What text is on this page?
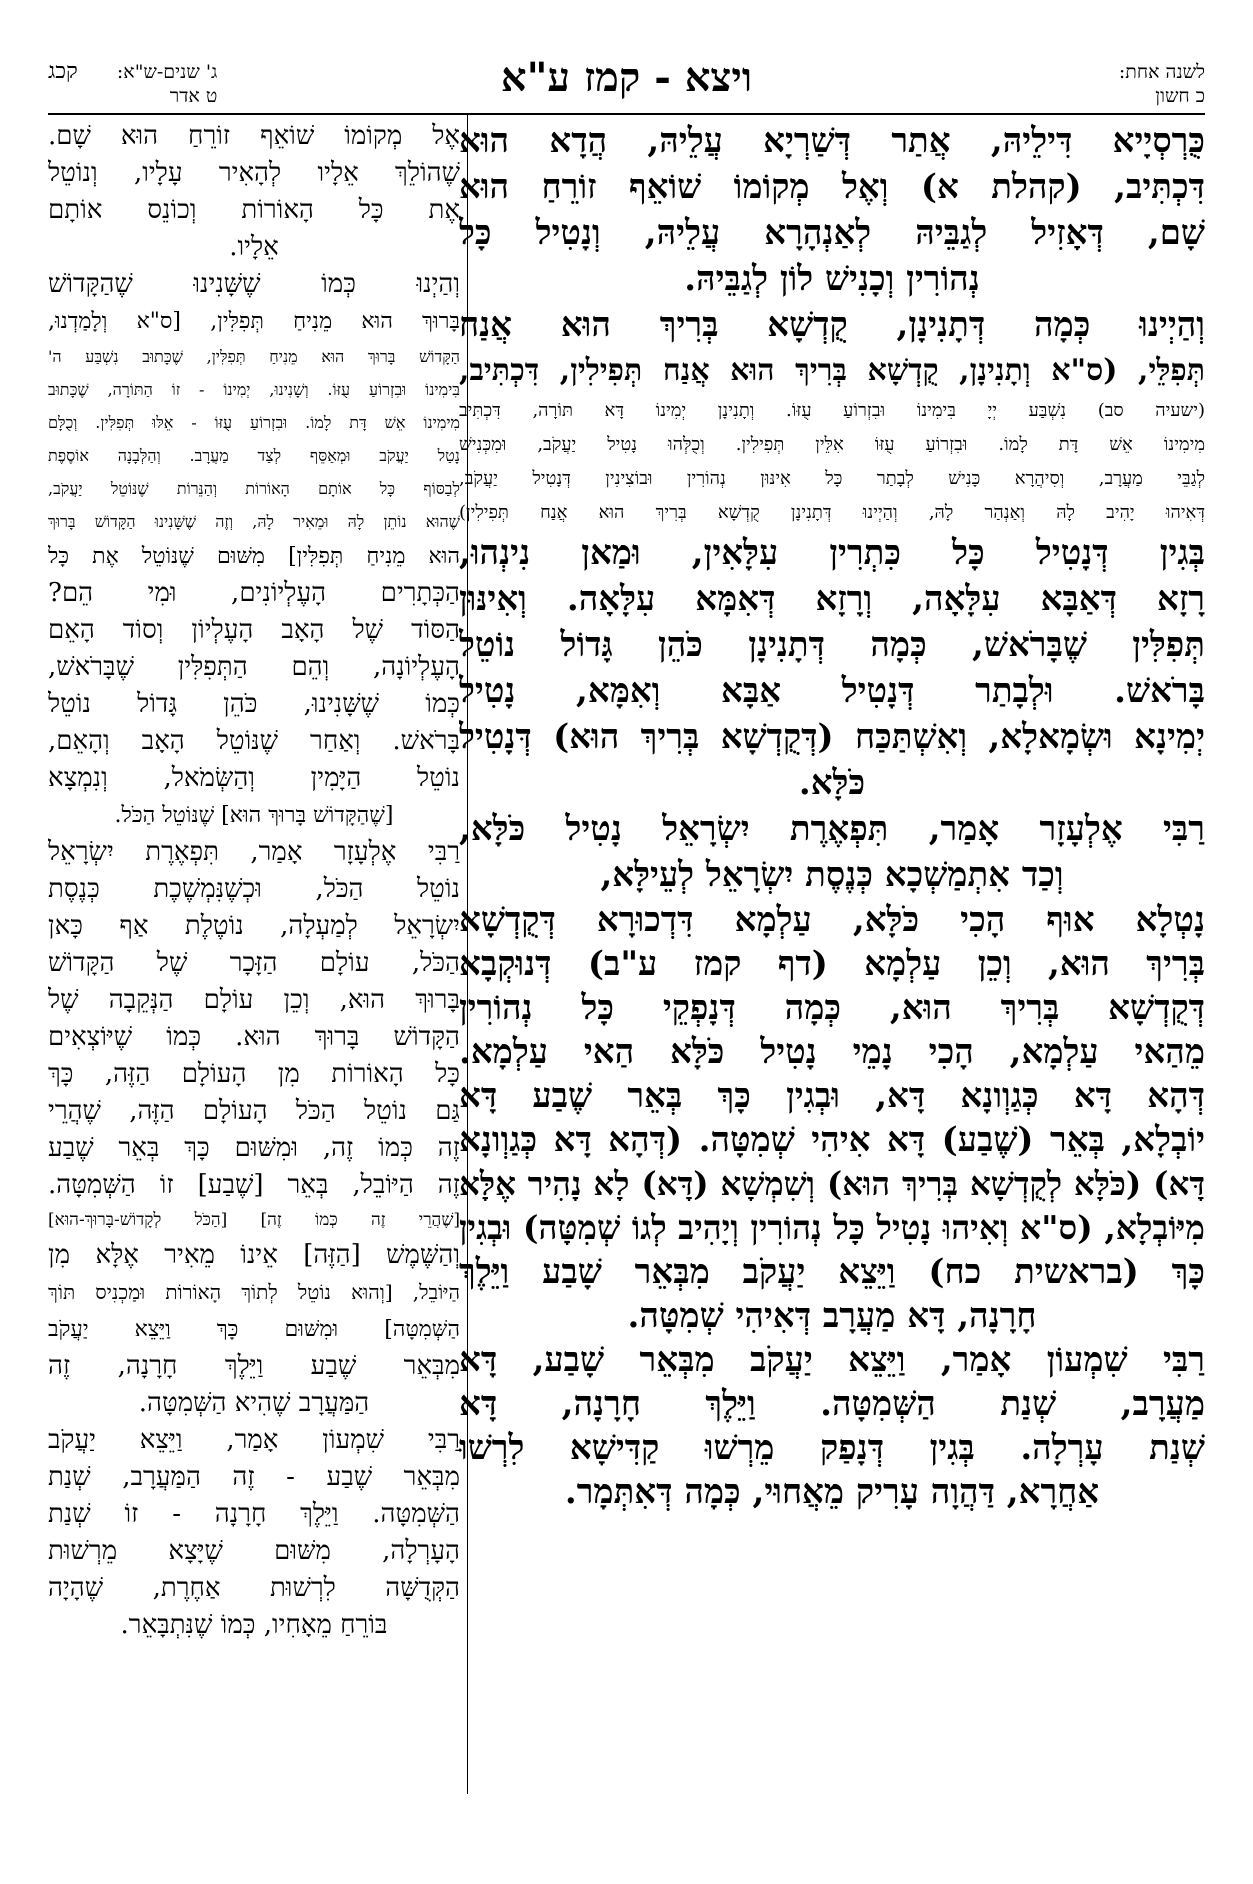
לשנה אחת:
כ חשון
ויצא - קמז ע"א
ג' שנים-ש"א:
ט אדר
קכג
כֻּרְסְיָיא דִּילֵיהּ, אֲתַר דְּשַׁרְיָא עֲלֵיהּ, הֲדָא הוּא
דִּכְתִּיב, (קהלת א) וְאֶל מְקוֹמוֹ שׁוֹאֵף זוֹרֵחַ הוּא
שָׁם, דְּאָזִיל לְגַבֵּיהּ לְאַנְהָרָא עֲלֵיהּ, וְנָטִיל כָּל
נְהוֹרִין וְכָנִישׁ לוֹן לְגַבֵּיהּ.
וְהַיְינוּ כְּמָה דְּתָנִינָן, קֻדְשָׁא בְּרִיךְ הוּא אֲנַח
תְּפִלֵּי, (ס"א וְתָנִינָן, קֻדְשָׁא בְּרִיךְ הוּא אֲנַח תְּפִילִין, דִּכְתִּיב,
(ישעיה סב) נִשְׁבַּע יְיָ בִּימִינוֹ וּבִזְרוֹעַ עֻזּוֹ. וְתָנִינָן יְמִינוֹ דָּא תּוֹרָה, דִּכְתִּיב
מִימִינוֹ אֵשׁ דָּת לָמוֹ. וּבִזְרוֹעַ עֻזּוֹ אִלֵּין תְּפִילִין. וְכֻלְּהוּ נָטִיל יַעֲקֹב, וּמִכְּנִישׁ
לְגַבֵּי מַעֲרָב, וְסִיהֲרָא כָּנִישׁ לְבָתַר כָּל אִינּוּן נְהוֹרִין וּבוֹצִינִין דְּנָטִיל יַעֲקֹב,
דְּאִיהוּ יָהִיב לָהּ וְאַנְהַר לָהּ, וְהַיְינוּ דְּתָנִינָן קֻדְשָׁא בְּרִיךְ הוּא אֲנַח תְּפִילִין)
בְּגִין דְּנָטִיל כָּל כִּתְרִין עִלָּאִין, וּמַאן נִינְהוּ,
רָזָא דְּאַבָּא עִלָּאָה, וְרָזָא דְּאִמָּא עִלָּאָה. וְאִינּוּן
תְּפִלִּין שֶׁבָּרֹאשׁ, כְּמָה דְּתָנִינָן כֹּהֵן גָּדוֹל נוֹטֵל
בָּרֹאשׁ. וּלְבָתַר דְּנָטִיל אַבָּא וְאִמָּא, נָטִיל
יְמִינָא וּשְׂמָאלָא, וְאִשְׁתַּכַּח (דְּקֻדְשָׁא בְּרִיךְ הוּא) דְּנָטִיל
כֹּלָּא.
רַבִּי אֶלְעָזָר אָמַר, תִּפְאֶרֶת יִשְׂרָאֵל נָטִיל כֹּלָּא,
וְכַד אִתְמַשְׁכָא כְּנֶסֶת יִשְׂרָאֵל לְעֵילָּא,
נָטְלָא אוּף הָכִי כֹּלָּא, עַלְמָא דִּדְכוּרָא דְּקֻדְשָׁא
בְּרִיךְ הוּא, וְכֵן עַלְמָא (דף קמז ע"ב) דְּנוּקְבָא
דְּקֻדְשָׁא בְּרִיךְ הוּא, כְּמָה דְּנָפְקֵי כָּל נְהוֹרִין
מֵהַאי עַלְמָא, הָכִי נָמֵי נָטִיל כֹּלָּא הַאי עַלְמָא.
דְּהָא דָּא כְּגַוְונָא דָּא, וּבְגִין כָּךְ בְּאֵר שֶׁבַע דָּא
יוֹבְלָא, בְּאֵר (שֶׁבַע) דָּא אִיהִי שְׁמִטָּה. (דְּהָא דָּא כְּגַוְונָא
דָּא) (כֹּלָּא לְקֻדְשָׁא בְּרִיךְ הוּא) וְשִׁמְשָׁא (דָּא) לָא נָהִיר אֶלָּא
מִיּוֹבְלָא, (ס"א וְאִיהוּ נָטִיל כָּל נְהוֹרִין וְיָהִיב לְגוֹ שְׁמִטָּה) וּבְגִין
כָּךְ (בראשית כח) וַיֵּצֵא יַעֲקֹב מִבְּאֵר שָׁבַע וַיֵּלֶךְ
חָרָנָה, דָּא מַעֲרָב דְּאִיהִי שְׁמִטָּה.
רַבִּי שִׁמְעוֹן אָמַר, וַיֵּצֵא יַעֲקֹב מִבְּאֵר שָׁבַע, דָּא
מַעֲרָב, שְׁנַת הַשְּׁמִטָּה. וַיֵּלֶךְ חָרָנָה, דָּא
שְׁנַת עָרְלָה. בְּגִין דְּנָפַק מֵרְשׁוּ קַדִּישָׁא לִרְשׁוּ
אַחֲרָא, דַּהֲוָה עָרִיק מֵאֲחוּי, כְּמָה דְּאִתְּמָר.
אֶל מְקוֹמוֹ שׁוֹאֵף זוֹרֵחַ הוּא שָׁם.
שֶׁהוֹלֵךְ אֵלָיו לְהָאִיר עָלָיו, וְנוֹטֵל
אֶת כָּל הָאוֹרוֹת וְכוֹנֵס אוֹתָם
אֵלָיו.
וְהַיְנוּ כְּמוֹ שֶׁשָּׁנִינוּ שֶׁהַקָּדוֹשׁ
בָּרוּךְ הוּא מֵנִיחַ תְּפִלִּין, [ס"א וְלָמַדְנוּ,
הַקָּדוֹשׁ בָּרוּךְ הוּא מֵנִיחַ תְּפִלִּין, שֶׁכָּתוּב נִשְׁבַּע ה'
בִּימִינוֹ וּבִזְרוֹעַ עֻזּוֹ. וְשָׁנִינוּ, יְמִינוֹ - זוֹ הַתּוֹרָה, שֶׁכָּתוּב
מִימִינוֹ אֵשׁ דָּת לָמוֹ. וּבִזְרוֹעַ עֻזּוֹ - אֵלּוּ תְּפִלִּין. וְכֻלָּם
נָטַל יַעֲקֹב וּמְאַסֵּף לְצַד מַעֲרָב. וְהַלְּבָנָה אוֹסֶפֶת
לְבַסּוֹף כָּל אוֹתָם הָאוֹרוֹת וְהַנֵּרוֹת שֶׁנּוֹטֵל יַעֲקֹב,
שֶׁהוּא נוֹתֵן לָהּ וּמֵאִיר לָהּ, וְזֶה שֶׁשָּׁנִינוּ הַקָּדוֹשׁ בָּרוּךְ
הוּא מֵנִיחַ תְּפִלִּין] מִשּׁוּם שֶׁנּוֹטֵל אֶת כָּל
הַכְּתָרִים הָעֶלְיוֹנִים, וּמִי הֵם?
הַסּוֹד שֶׁל הָאָב הָעֶלְיוֹן וְסוֹד הָאֵם
הָעֶלְיוֹנָה, וְהֵם הַתְּפִלִּין שֶׁבָּרֹאשׁ,
כְּמוֹ שֶׁשָּׁנִינוּ, כֹּהֵן גָּדוֹל נוֹטֵל
בָּרֹאשׁ. וְאַחַר שֶׁנּוֹטֵל הָאָב וְהָאֵם,
נוֹטֵל הַיָּמִין וְהַשְּׂמֹאל, וְנִמְצָא
[שֶׁהַקָּדוֹשׁ בָּרוּךְ הוּא] שֶׁנּוֹטֵל הַכֹּל.
רַבִּי אֶלְעָזָר אָמַר, תִּפְאֶרֶת יִשְׂרָאֵל
נוֹטֵל הַכֹּל, וּכְשֶׁנִּמְשֶׁכֶת כְּנֶסֶת
יִשְׂרָאֵל לְמַעְלָה, נוֹטֶלֶת אַף כָּאן
הַכֹּל, עוֹלָם הַזָּכָר שֶׁל הַקָּדוֹשׁ
בָּרוּךְ הוּא, וְכֵן עוֹלָם הַנְּקֵבָה שֶׁל
הַקָּדוֹשׁ בָּרוּךְ הוּא. כְּמוֹ שֶׁיּוֹצְאִים
כָּל הָאוֹרוֹת מִן הָעוֹלָם הַזֶּה, כָּךְ
גַּם נוֹטֵל הַכֹּל הָעוֹלָם הַזֶּה, שֶׁהֲרֵי
זֶה כְּמוֹ זֶה, וּמִשּׁוּם כָּךְ בְּאֵר שֶׁבַע
זֶה הַיּוֹבֵל, בְּאֵר [שֶׁבַע] זוֹ הַשְּׁמִטָּה.
[שֶׁהֲרֵי זֶה כְּמוֹ זֶה] [הַכֹּל לְקָדוֹשׁ-בָּרוּךְ-הוּא]
וְהַשֶּׁמֶשׁ [הַזֶּה] אֵינוֹ מֵאִיר אֶלָּא מִן
הַיּוֹבֵל, [וְהוּא נוֹטֵל לְתוֹךְ הָאוֹרוֹת וּמַכְנִיס תּוֹךְ
הַשְּׁמִטָּה] וּמִשּׁוּם כָּךְ וַיֵּצֵא יַעֲקֹב
מִבְּאֵר שֶׁבַע וַיֵּלֶךְ חָרָנָה, זֶה
הַמַּעֲרָב שֶׁהִיא הַשְּׁמִטָּה.
רַבִּי שִׁמְעוֹן אָמַר, וַיֵּצֵא יַעֲקֹב
מִבְּאֵר שֶׁבַע - זֶה הַמַּעֲרָב, שְׁנַת
הַשְּׁמִטָּה. וַיֵּלֶךְ חָרָנָה - זוֹ שְׁנַת
הָעָרְלָה, מִשּׁוּם שֶׁיָּצָא מֵרְשׁוּת
הַקְּדֻשָּׁה לִרְשׁוּת אַחֶרֶת, שֶׁהָיָה
בּוֹרֵחַ מֵאָחִיו, כְּמוֹ שֶׁנִּתְבָּאֵר.
